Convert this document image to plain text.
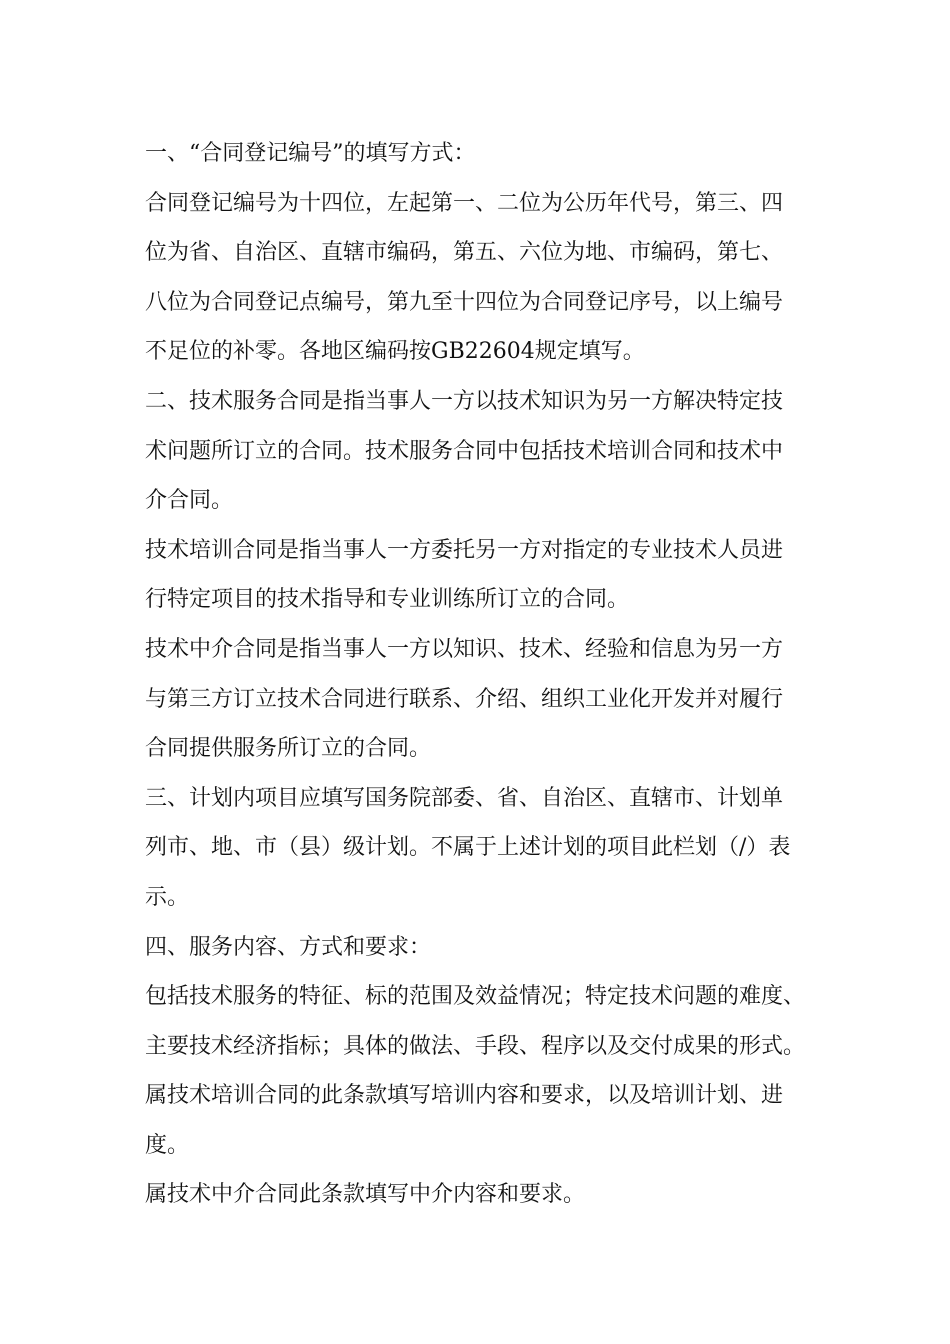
一、“合同登记编号”的填写方式：
合同登记编号为十四位，左起第一、二位为公历年代号，第三、四
位为省、自治区、直辖市编码，第五、六位为地、市编码，第七、
八位为合同登记点编号，第九至十四位为合同登记序号，以上编号
不足位的补零。各地区编码按GB22604规定填写。
二、技术服务合同是指当事人一方以技术知识为另一方解决特定技
术问题所订立的合同。技术服务合同中包括技术培训合同和技术中
介合同。
技术培训合同是指当事人一方委托另一方对指定的专业技术人员进
行特定项目的技术指导和专业训练所订立的合同。
技术中介合同是指当事人一方以知识、技术、经验和信息为另一方
与第三方订立技术合同进行联系、介绍、组织工业化开发并对履行
合同提供服务所订立的合同。
三、计划内项目应填写国务院部委、省、自治区、直辖市、计划单
列市、地、市（县）级计划。不属于上述计划的项目此栏划（/）表
示。
四、服务内容、方式和要求：
包括技术服务的特征、标的范围及效益情况；特定技术问题的难度、
主要技术经济指标；具体的做法、手段、程序以及交付成果的形式。
属技术培训合同的此条款填写培训内容和要求，以及培训计划、进
度。
属技术中介合同此条款填写中介内容和要求。
